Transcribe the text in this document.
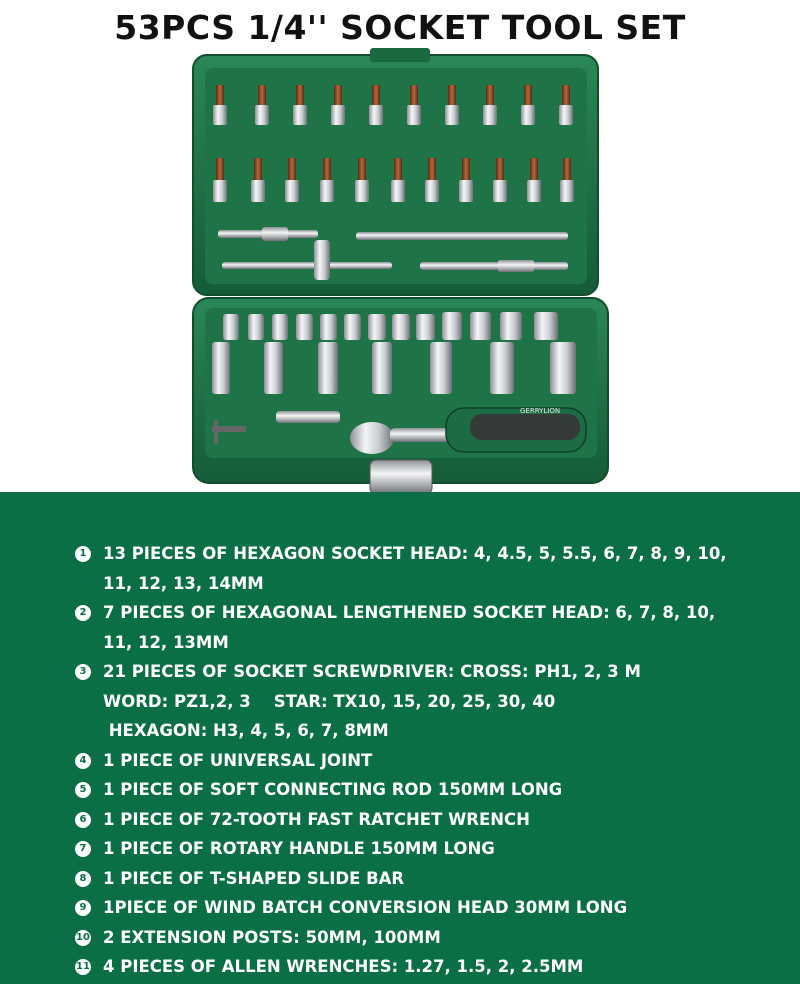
53PCS 1/4'' SOCKET TOOL SET
GERRYLION
1 13 PIECES OF HEXAGON SOCKET HEAD: 4, 4.5, 5, 5.5, 6, 7, 8, 9, 10,
11, 12, 13, 14MM
2 7 PIECES OF HEXAGONAL LENGTHENED SOCKET HEAD: 6, 7, 8, 10,
11, 12, 13MM
3 21 PIECES OF SOCKET SCREWDRIVER: CROSS: PH1, 2, 3 M
WORD: PZ1,2, 3    STAR: TX10, 15, 20, 25, 30, 40
HEXAGON: H3, 4, 5, 6, 7, 8MM
4 1 PIECE OF UNIVERSAL JOINT
5 1 PIECE OF SOFT CONNECTING ROD 150MM LONG
6 1 PIECE OF 72-TOOTH FAST RATCHET WRENCH
7 1 PIECE OF ROTARY HANDLE 150MM LONG
8 1 PIECE OF T-SHAPED SLIDE BAR
9 1PIECE OF WIND BATCH CONVERSION HEAD 30MM LONG
10 2 EXTENSION POSTS: 50MM, 100MM
11 4 PIECES OF ALLEN WRENCHES: 1.27, 1.5, 2, 2.5MM
